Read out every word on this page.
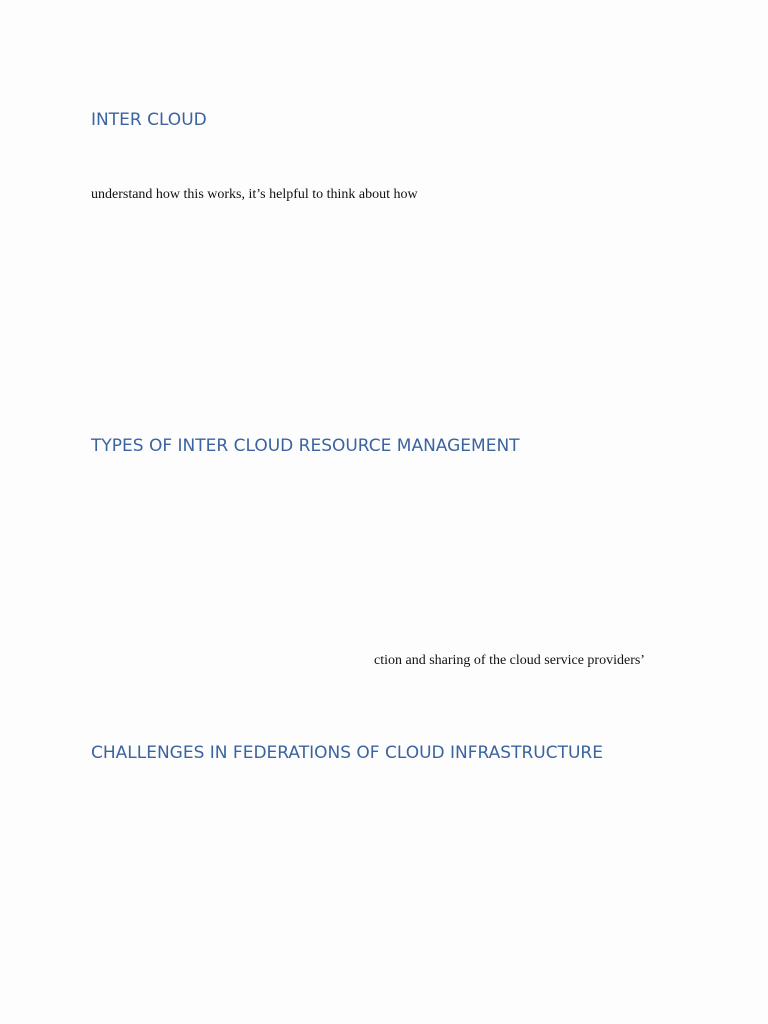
INTER CLOUD

understand how this works, it’s helpful to think about how

TYPES OF INTER CLOUD RESOURCE MANAGEMENT

ction and sharing of the cloud service providers’

CHALLENGES IN FEDERATIONS OF CLOUD INFRASTRUCTURE
